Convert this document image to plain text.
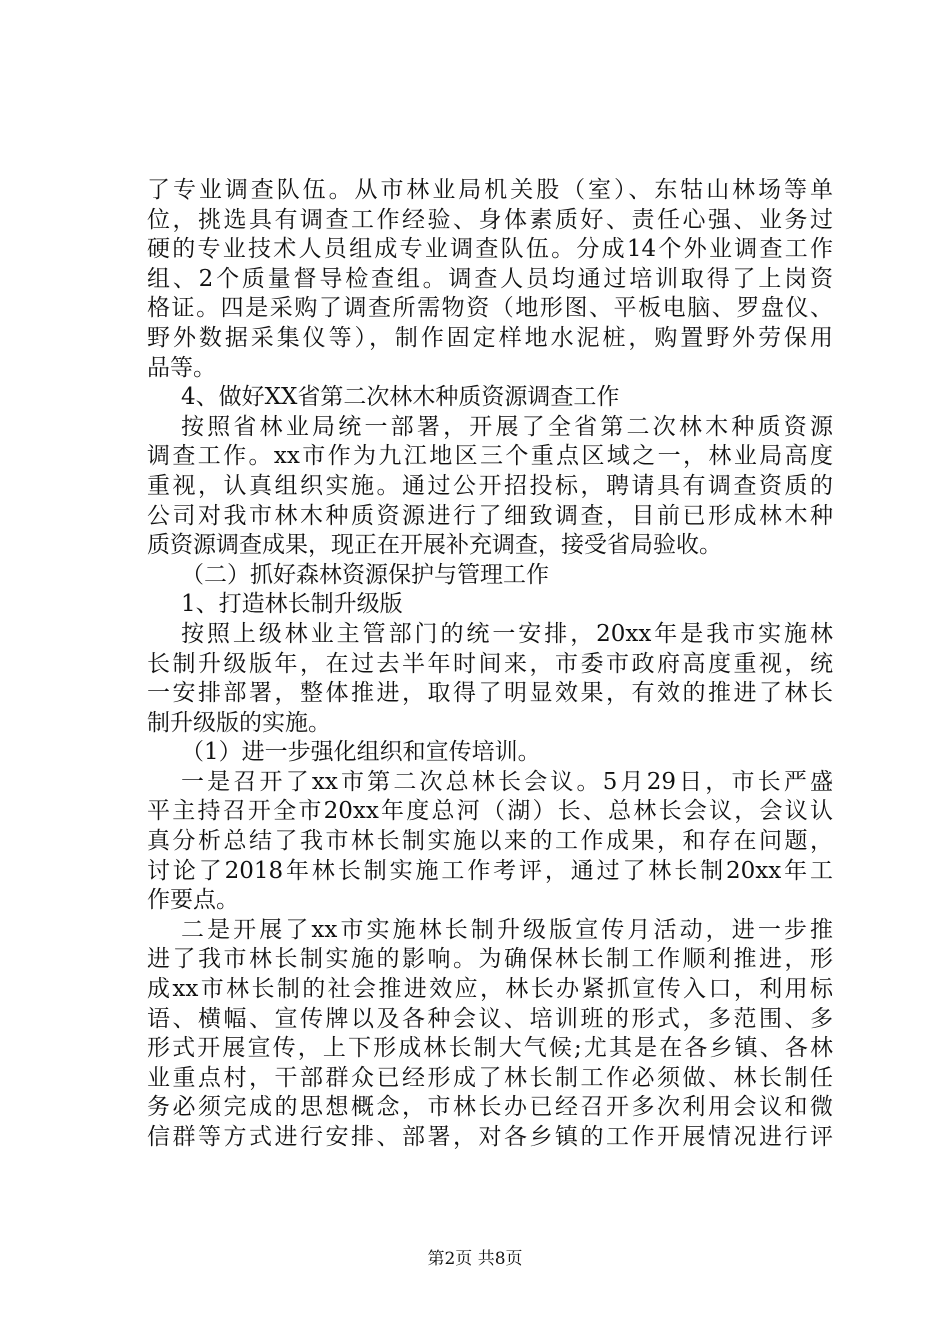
了专业调查队伍。从市林业局机关股（室）、东牯山林场等单
位，挑选具有调查工作经验、身体素质好、责任心强、业务过
硬的专业技术人员组成专业调查队伍。分成14个外业调查工作
组、2个质量督导检查组。调查人员均通过培训取得了上岗资
格证。四是采购了调查所需物资（地形图、平板电脑、罗盘仪、
野外数据采集仪等），制作固定样地水泥桩，购置野外劳保用
品等。
4、做好XX省第二次林木种质资源调查工作
按照省林业局统一部署，开展了全省第二次林木种质资源
调查工作。xx市作为九江地区三个重点区域之一，林业局高度
重视，认真组织实施。通过公开招投标，聘请具有调查资质的
公司对我市林木种质资源进行了细致调查，目前已形成林木种
质资源调查成果，现正在开展补充调查，接受省局验收。
（二）抓好森林资源保护与管理工作
1、打造林长制升级版
按照上级林业主管部门的统一安排，20xx年是我市实施林
长制升级版年，在过去半年时间来，市委市政府高度重视，统
一安排部署，整体推进，取得了明显效果，有效的推进了林长
制升级版的实施。
（1）进一步强化组织和宣传培训。
一是召开了xx市第二次总林长会议。5月29日，市长严盛
平主持召开全市20xx年度总河（湖）长、总林长会议，会议认
真分析总结了我市林长制实施以来的工作成果，和存在问题，
讨论了2018年林长制实施工作考评，通过了林长制20xx年工
作要点。
二是开展了xx市实施林长制升级版宣传月活动，进一步推
进了我市林长制实施的影响。为确保林长制工作顺利推进，形
成xx市林长制的社会推进效应，林长办紧抓宣传入口，利用标
语、横幅、宣传牌以及各种会议、培训班的形式，多范围、多
形式开展宣传，上下形成林长制大气候;尤其是在各乡镇、各林
业重点村，干部群众已经形成了林长制工作必须做、林长制任
务必须完成的思想概念，市林长办已经召开多次利用会议和微
信群等方式进行安排、部署，对各乡镇的工作开展情况进行评
第2页 共8页
